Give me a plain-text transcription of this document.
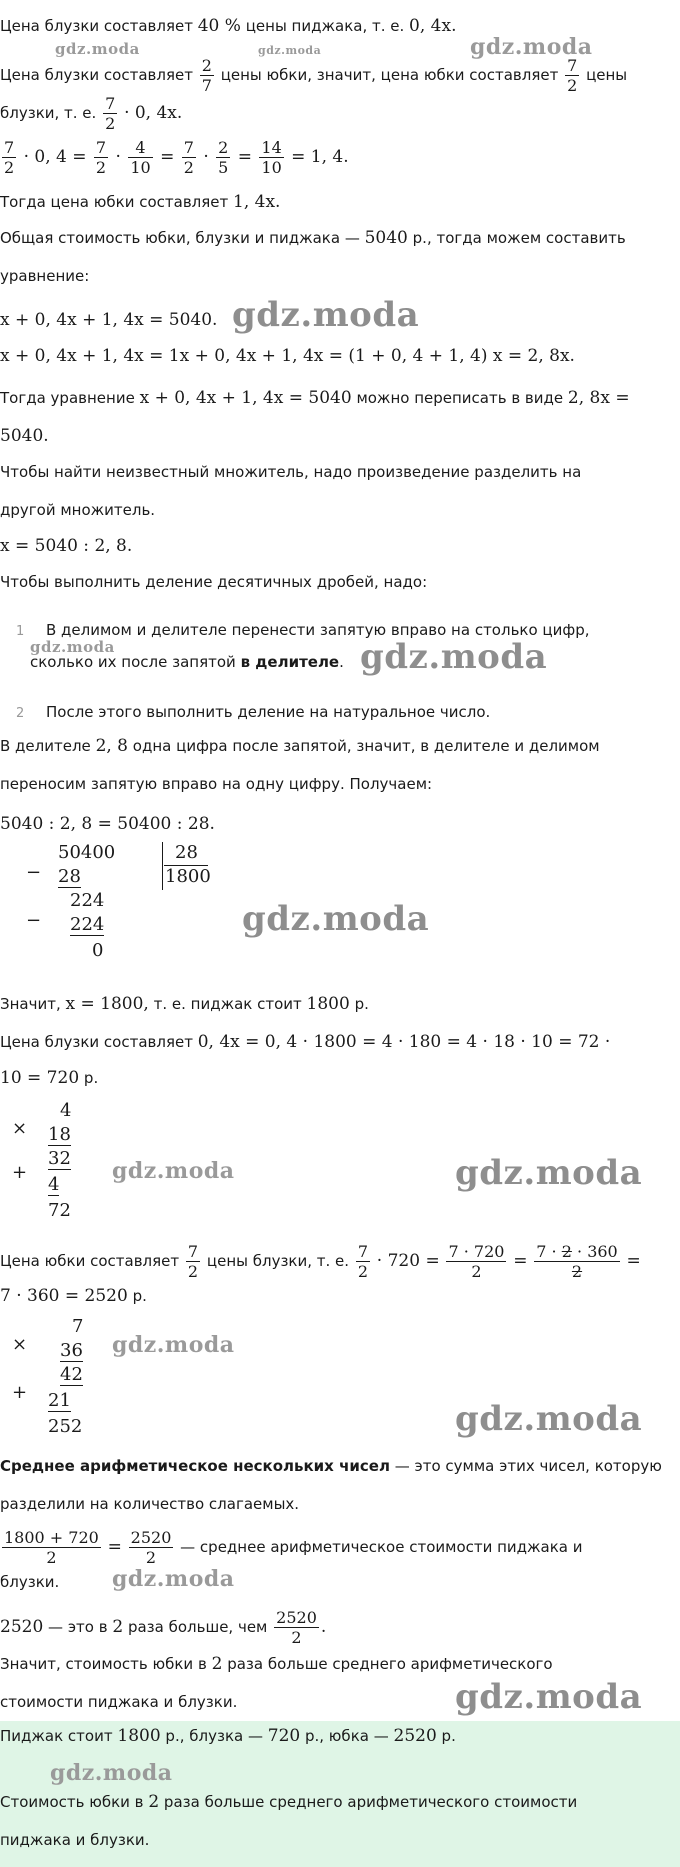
Цена блузки составляет 40 % цены пиджака, т. е. 0, 4x.
Цена блузки составляет $\frac{2}{7}$ цены юбки, значит, цена юбки составляет $\frac{7}{2}$ цены
блузки, т. е. $\frac{7}{2} \cdot 0$, 4x.
$\frac{7}{2} \cdot 0$, $4 = \frac{7}{2} \cdot \frac{4}{10} = \frac{7}{2} \cdot \frac{2}{5} = \frac{14}{10} = 1$, 4.
Тогда цена юбки составляет 1, 4x.
Общая стоимость юбки, блузки и пиджака — 5040 р., тогда можем составить
уравнение:
x + 0, 4x + 1, 4x = 5040.
x + 0, 4x + 1, 4x = 1x + 0, 4x + 1, 4x = (1 + 0, 4 + 1, 4) x = 2, 8x.
Тогда уравнение x + 0, 4x + 1, 4x = 5040 можно переписать в виде 2, 8x =
5040.
Чтобы найти неизвестный множитель, надо произведение разделить на
другой множитель.
x = 5040 : 2, 8.
Чтобы выполнить деление десятичных дробей, надо:
1 В делимом и делителе перенести запятую вправо на столько цифр,
сколько их после запятой в делителе.
2 После этого выполнить деление на натуральное число.
В делителе 2, 8 одна цифра после запятой, значит, в делителе и делимом
переносим запятую вправо на одну цифру. Получаем:
5040 : 2, 8 = 50400 : 28.
−
50400
28
28
1800
−
224
224
0
Значит, x = 1800, т. е. пиджак стоит 1800 р.
Цена блузки составляет 0, 4x = 0, 4 · 1800 = 4 · 180 = 4 · 18 · 10 = 72 ·
10 = 720 р.
×
4
18
32
+
4
72
Цена юбки составляет $\frac{7}{2}$ цены блузки, т. е. $\frac{7}{2} \cdot 720 = \frac{7 \cdot 720}{2} = \frac{7 \cdot 2 \cdot 360}{2}$ =
7 · 360 = 2520 р.
×
7
36
42
+ 21
252
Среднее арифметическое нескольких чисел — это сумма этих чисел, которую
разделили на количество слагаемых.
$\frac{1800 + 720}{2} = \frac{2520}{2}$ — среднее арифметическое стоимости пиджака и
блузки.
2520 — это в 2 раза больше, чем $\frac{2520}{2}$ .
Значит, стоимость юбки в 2 раза больше среднего арифметического
стоимости пиджака и блузки.
Пиджак стоит 1800 р., блузка — 720 р., юбка — 2520 р.
Стоимость юбки в 2 раза больше среднего арифметического стоимости
пиджака и блузки.
gdz.moda	gdz.moda	gdz.moda
gdz.moda
gdz.moda	gdz.moda
gdz.moda
gdz.moda	gdz.moda
gdz.moda
gdz.moda
gdz.moda
gdz.moda
gdz.moda
